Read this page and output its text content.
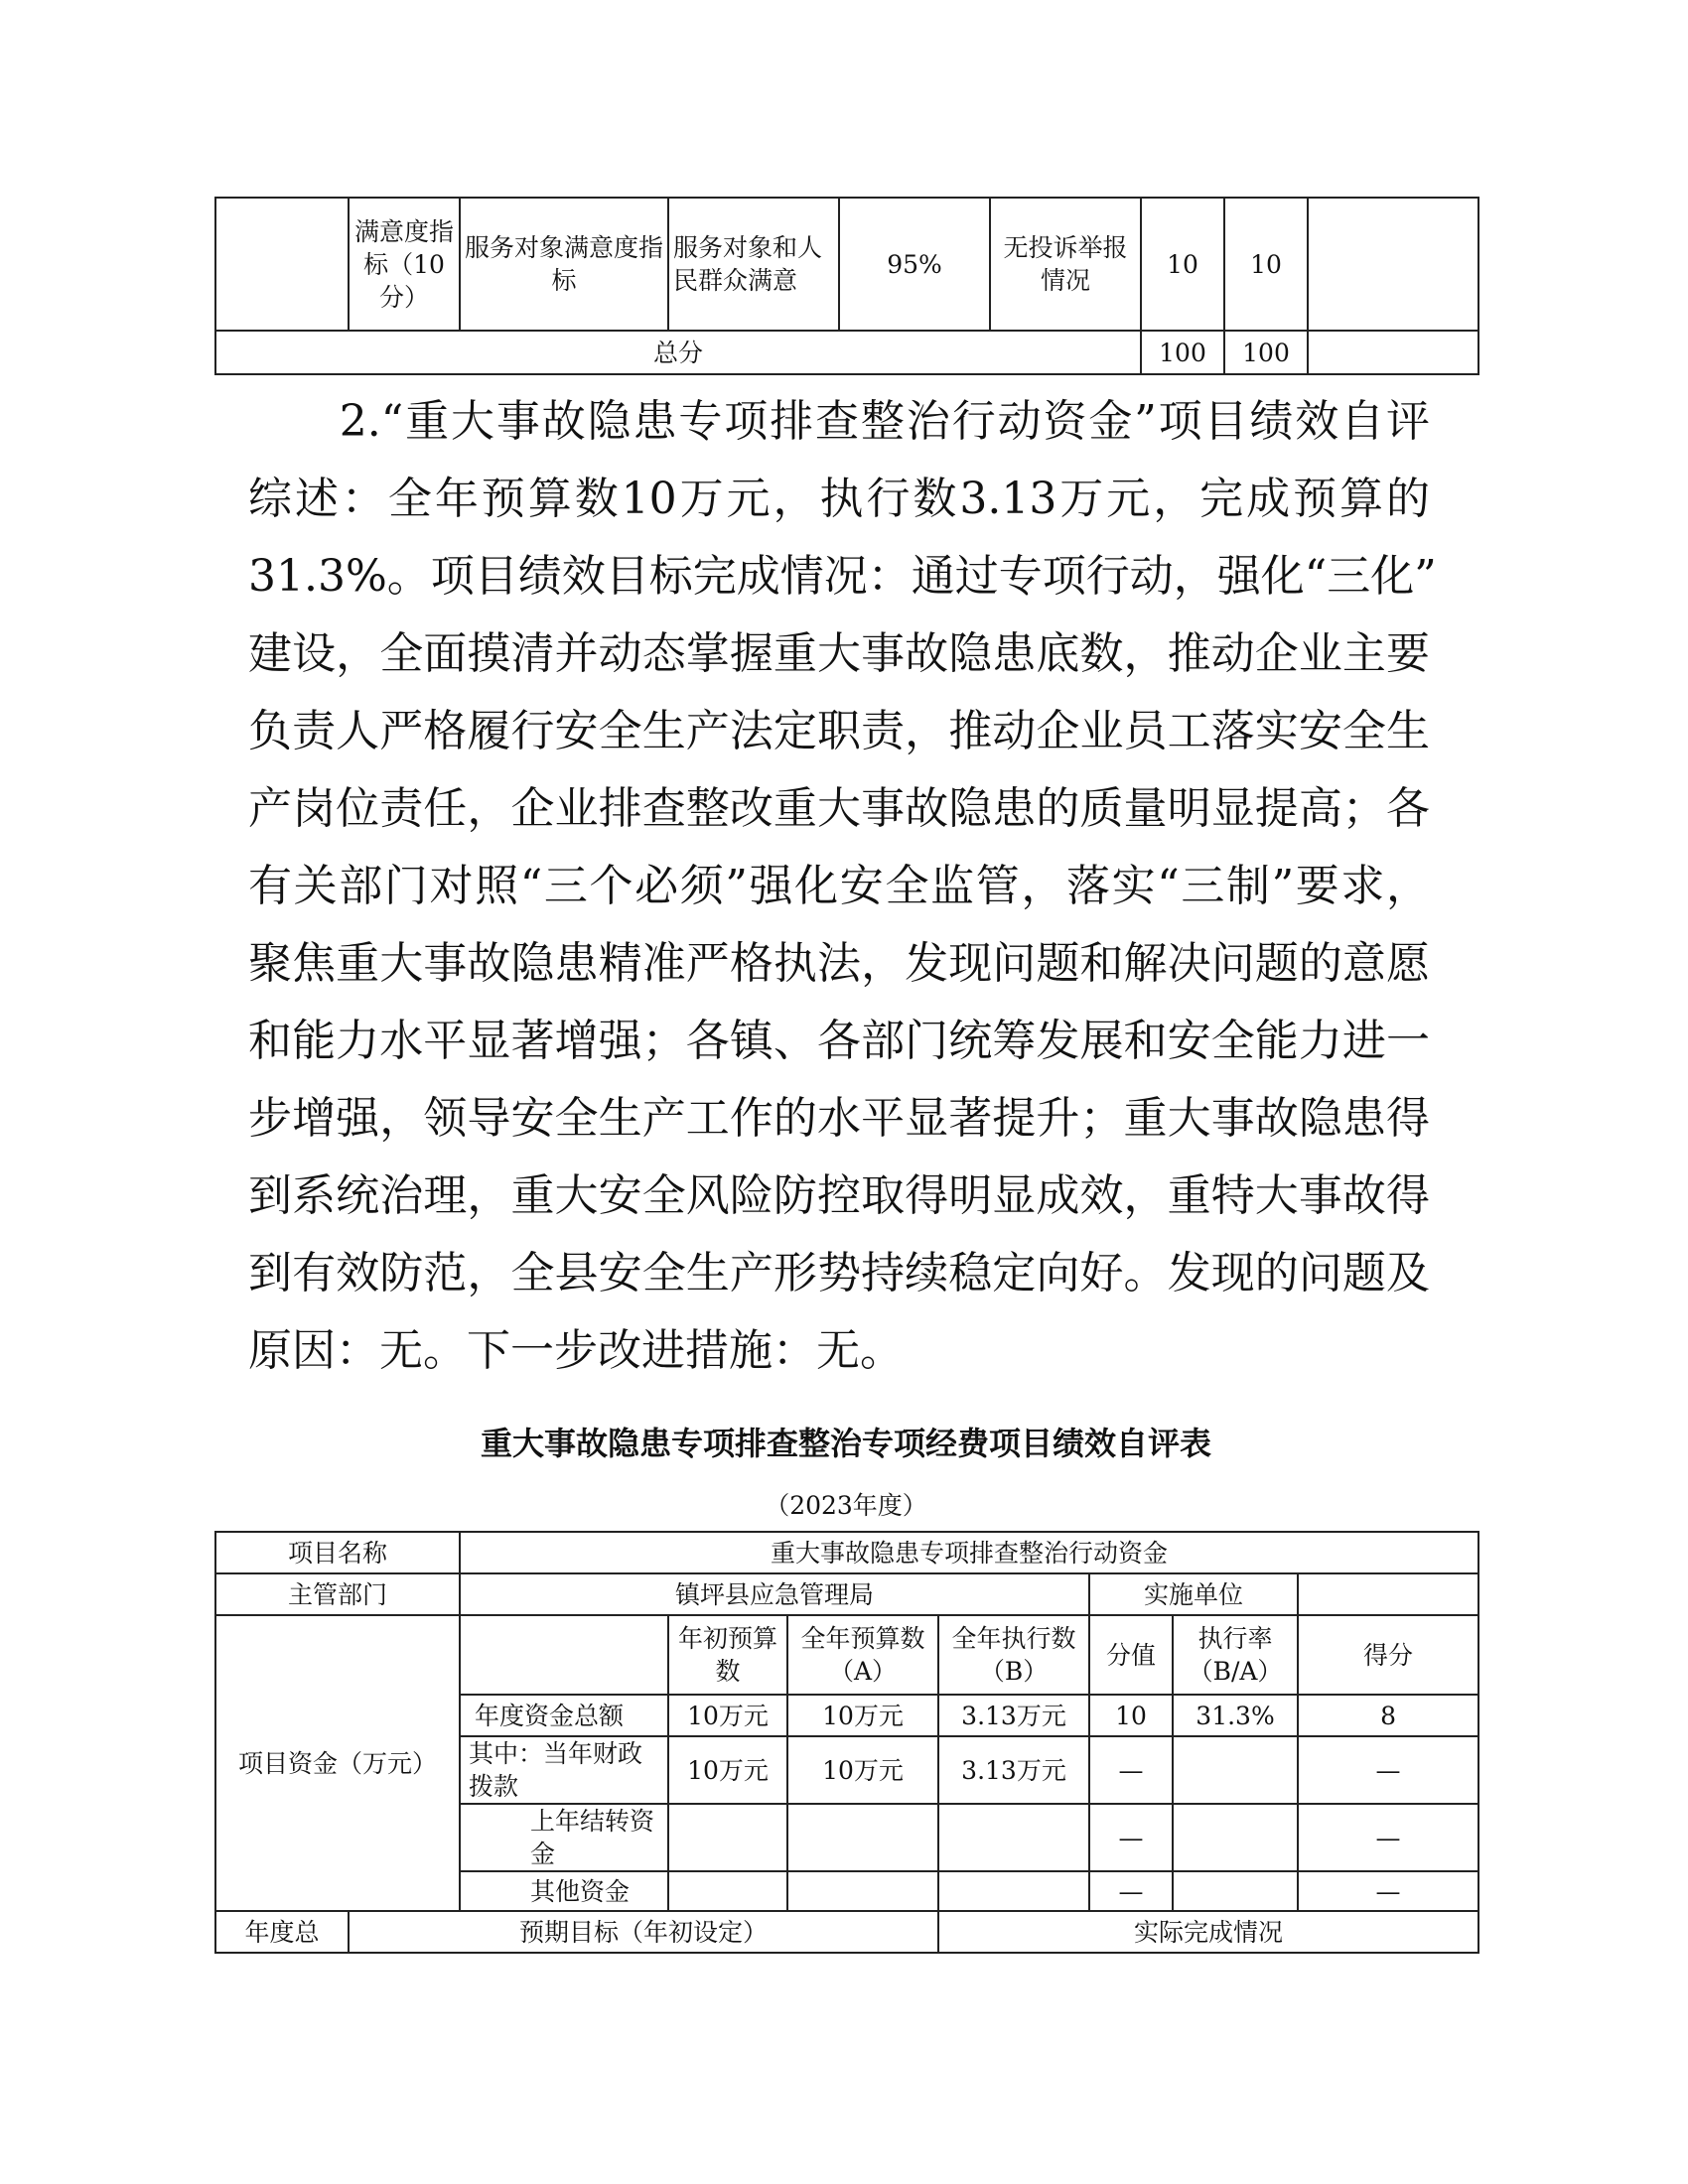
	满意度指标（10分）	服务对象满意度指标	服务对象和人民群众满意	95%	无投诉举报情况	10	10	
总分						100	100	
　　2.“重大事故隐患专项排查整治行动资金”项目绩效自评
综述：全年预算数10万元，执行数3.13万元，完成预算的
31.3%。项目绩效目标完成情况：通过专项行动，强化“三化”
建设，全面摸清并动态掌握重大事故隐患底数，推动企业主要
负责人严格履行安全生产法定职责，推动企业员工落实安全生
产岗位责任，企业排查整改重大事故隐患的质量明显提高；各
有关部门对照“三个必须”强化安全监管，落实“三制”要求，
聚焦重大事故隐患精准严格执法，发现问题和解决问题的意愿
和能力水平显著增强；各镇、各部门统筹发展和安全能力进一
步增强，领导安全生产工作的水平显著提升；重大事故隐患得
到系统治理，重大安全风险防控取得明显成效，重特大事故得
到有效防范，全县安全生产形势持续稳定向好。发现的问题及
原因：无。下一步改进措施：无。
重大事故隐患专项排查整治专项经费项目绩效自评表

（2023年度）

项目名称		重大事故隐患专项排查整治行动资金						
主管部门		镇坪县应急管理局				实施单位		
项目资金（万元）			年初预算数	全年预算数（A）	全年执行数（B）	分值	执行率（B/A）	得分
		年度资金总额	10万元	10万元	3.13万元	10	31.3%	8
		其中：当年财政拨款	10万元	10万元	3.13万元	—		—
		上年结转资金				—		—
		其他资金				—		—
年度总	预期目标（年初设定）				实际完成情况			
